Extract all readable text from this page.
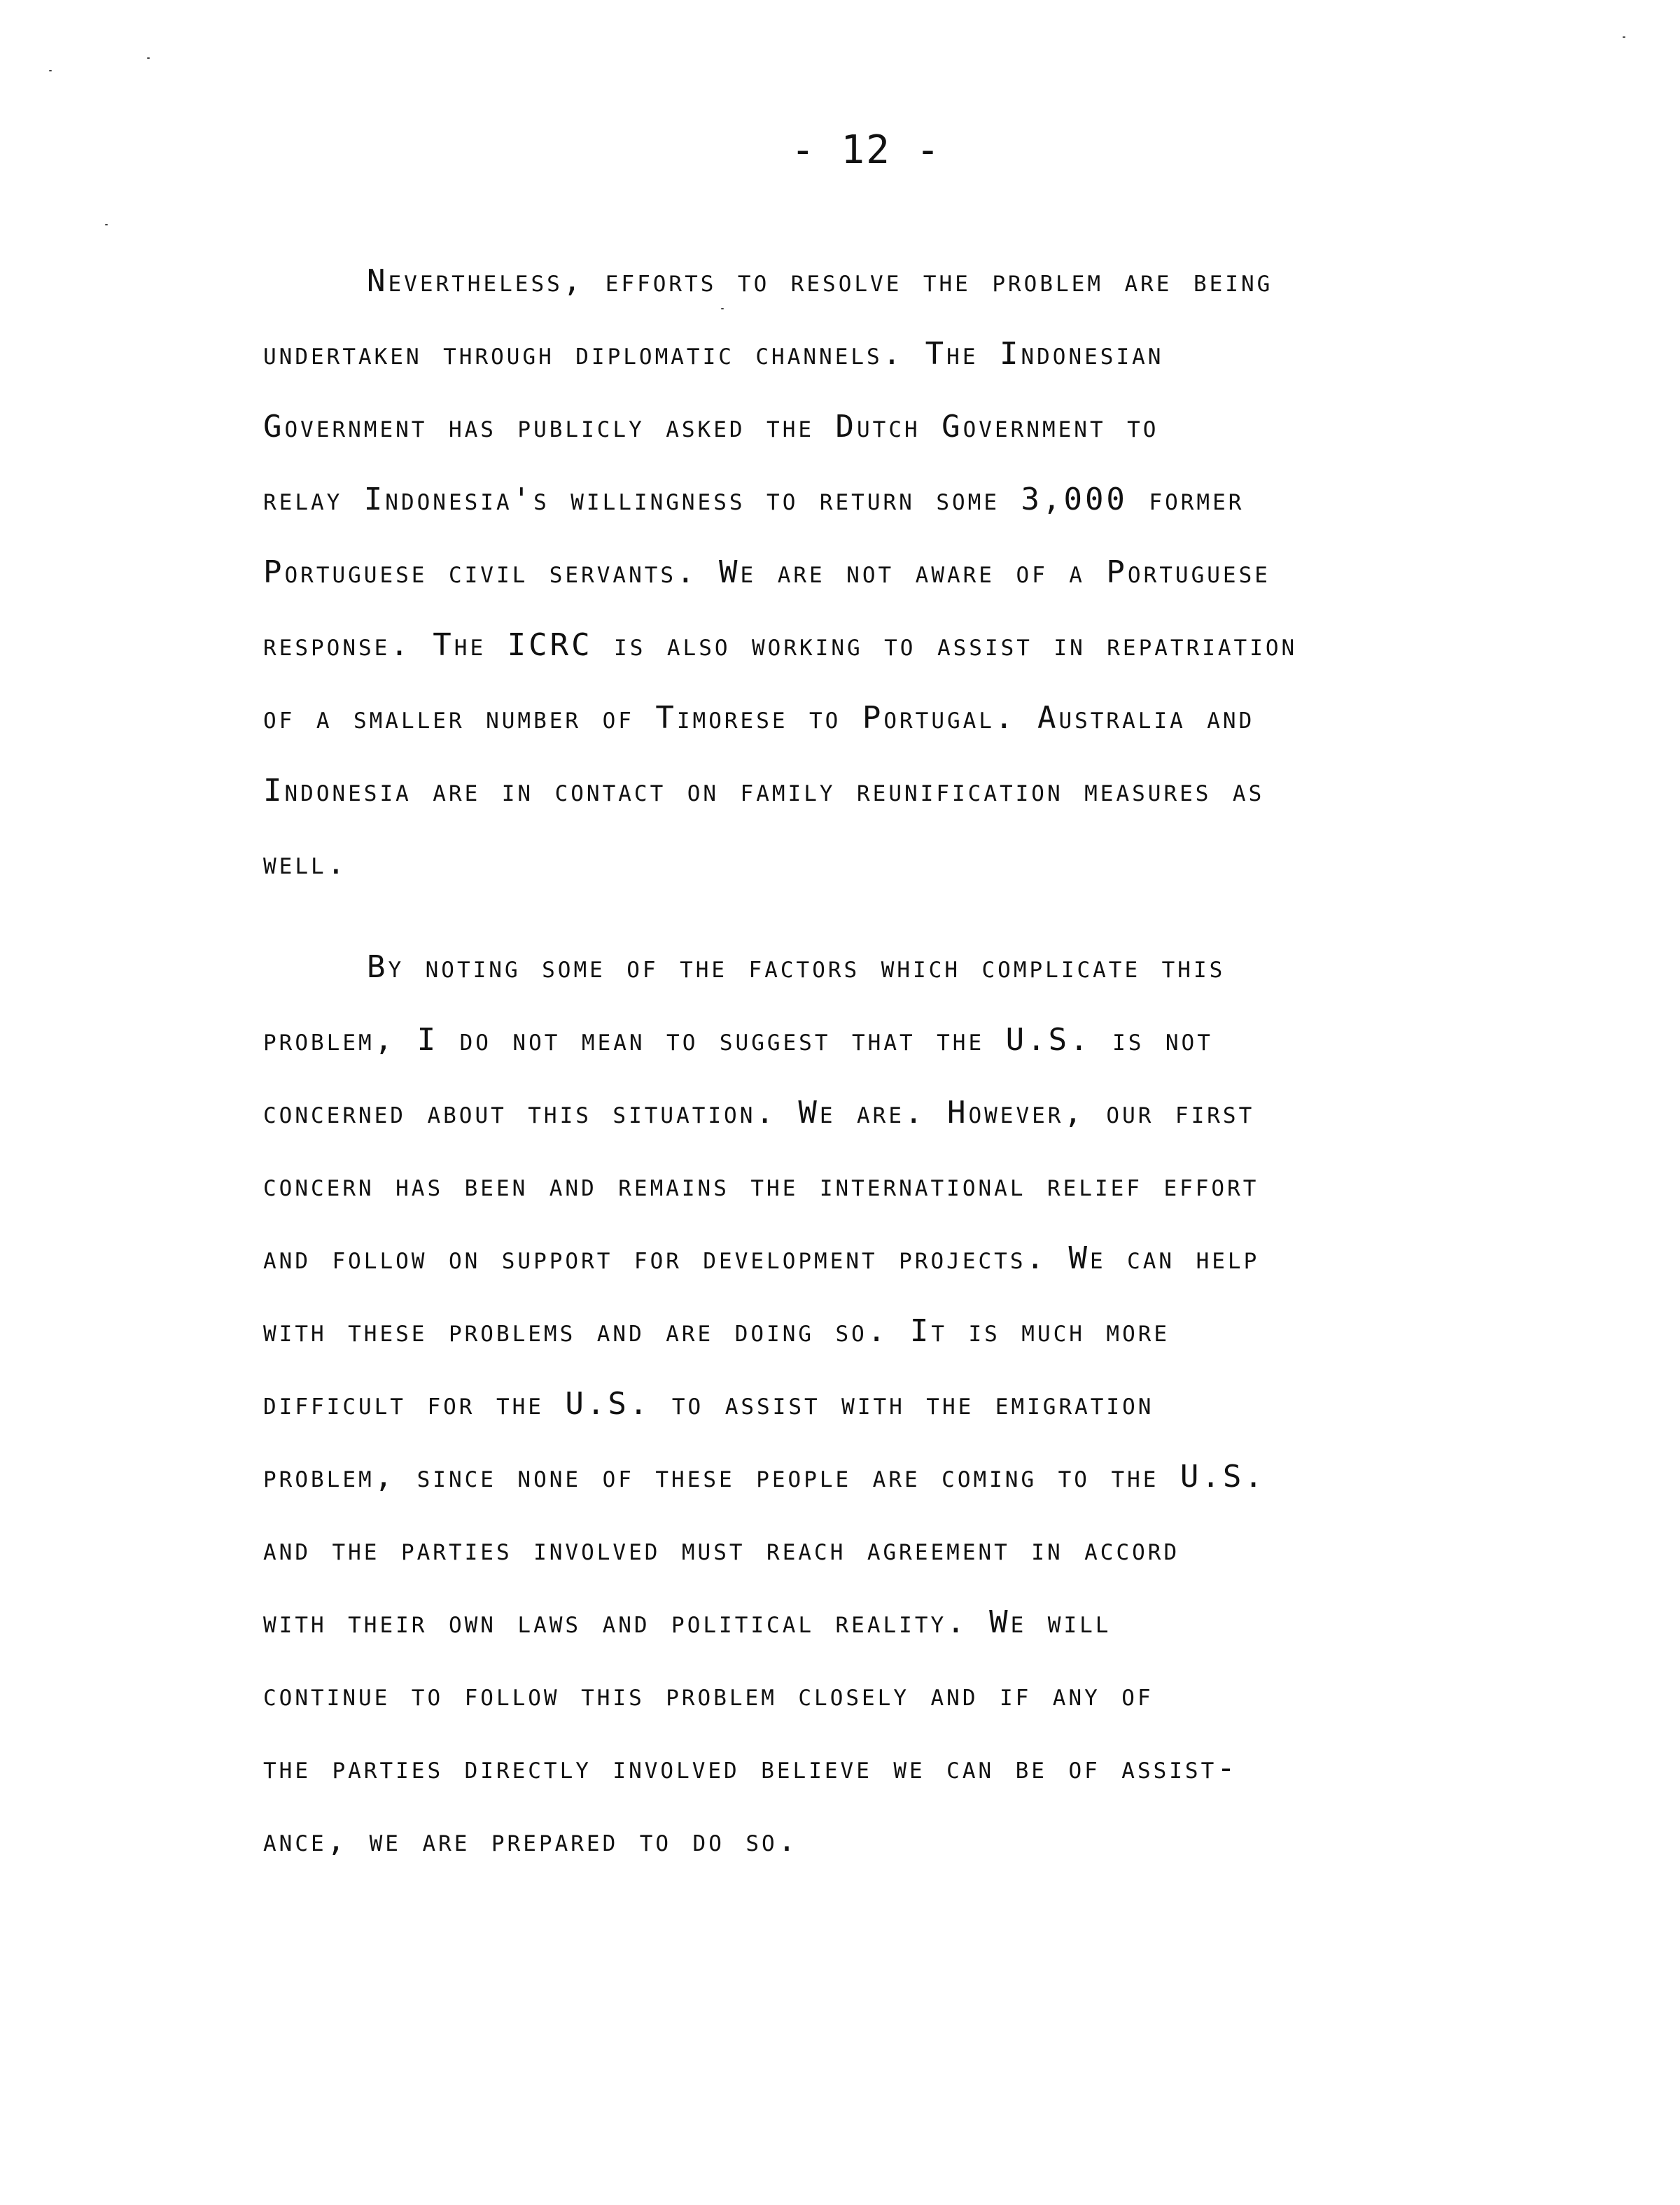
- 12 -
Nevertheless, efforts to resolve the problem are being
undertaken through diplomatic channels. The Indonesian
Government has publicly asked the Dutch Government to
relay Indonesia's willingness to return some 3,000 former
Portuguese civil servants. We are not aware of a Portuguese
response. The ICRC is also working to assist in repatriation
of a smaller number of Timorese to Portugal. Australia and
Indonesia are in contact on family reunification measures as
well.
By noting some of the factors which complicate this
problem, I do not mean to suggest that the U.S. is not
concerned about this situation. We are. However, our first
concern has been and remains the international relief effort
and follow on support for development projects. We can help
with these problems and are doing so. It is much more
difficult for the U.S. to assist with the emigration
problem, since none of these people are coming to the U.S.
and the parties involved must reach agreement in accord
with their own laws and political reality. We will
continue to follow this problem closely and if any of
the parties directly involved believe we can be of assist-
ance, we are prepared to do so.
